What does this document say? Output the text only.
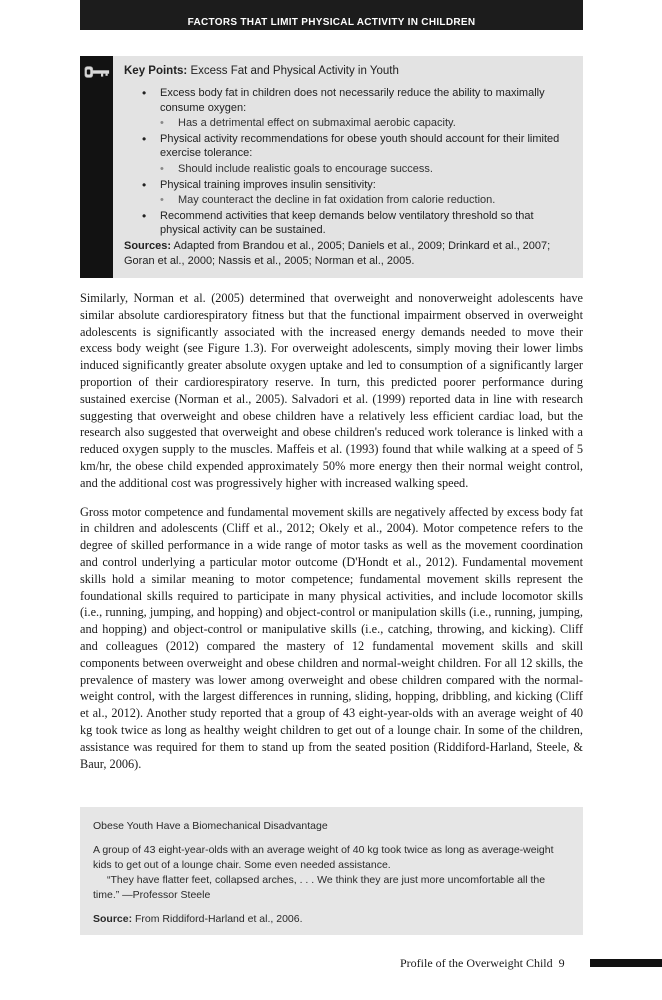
FACTORS THAT LIMIT PHYSICAL ACTIVITY IN CHILDREN

Key Points: Excess Fat and Physical Activity in Youth

• Excess body fat in children does not necessarily reduce the ability to maximally consume oxygen:
• Has a detrimental effect on submaximal aerobic capacity.
• Physical activity recommendations for obese youth should account for their limited exercise tolerance:
• Should include realistic goals to encourage success.
• Physical training improves insulin sensitivity:
• May counteract the decline in fat oxidation from calorie reduction.
• Recommend activities that keep demands below ventilatory threshold so that physical activity can be sustained.

Sources: Adapted from Brandou et al., 2005; Daniels et al., 2009; Drinkard et al., 2007; Goran et al., 2000; Nassis et al., 2005; Norman et al., 2005.

Similarly, Norman et al. (2005) determined that overweight and nonoverweight adolescents have similar absolute cardiorespiratory fitness but that the functional impairment observed in overweight adolescents is significantly associated with the increased energy demands needed to move their excess body weight (see Figure 1.3). For overweight adolescents, simply moving their lower limbs induced significantly greater absolute oxygen uptake and led to consumption of a significantly larger proportion of their cardiorespiratory reserve. In turn, this predicted poorer performance during sustained exercise (Norman et al., 2005). Salvadori et al. (1999) reported data in line with research suggesting that overweight and obese children have a relatively less efficient cardiac load, but the research also suggested that overweight and obese children's reduced work tolerance is linked with a reduced oxygen supply to the muscles. Maffeis et al. (1993) found that while walking at a speed of 5 km/hr, the obese child expended approximately 50% more energy then their normal weight control, and the additional cost was progressively higher with increased walking speed.

Gross motor competence and fundamental movement skills are negatively affected by excess body fat in children and adolescents (Cliff et al., 2012; Okely et al., 2004). Motor competence refers to the degree of skilled performance in a wide range of motor tasks as well as the movement coordination and control underlying a particular motor outcome (D'Hondt et al., 2012). Fundamental movement skills hold a similar meaning to motor competence; fundamental movement skills represent the foundational skills required to participate in many physical activities, and include locomotor skills (i.e., running, jumping, and hopping) and object-control or manipulation skills (i.e., running, jumping, and hopping) and object-control or manipulative skills (i.e., catching, throwing, and kicking). Cliff and colleagues (2012) compared the mastery of 12 fundamental movement skills and skill components between overweight and obese children and normal-weight children. For all 12 skills, the prevalence of mastery was lower among overweight and obese children compared with the normal-weight control, with the largest differences in running, sliding, hopping, dribbling, and kicking (Cliff et al., 2012). Another study reported that a group of 43 eight-year-olds with an average weight of 40 kg took twice as long as healthy weight children to get out of a lounge chair. In some of the children, assistance was required for them to stand up from the seated position (Riddiford-Harland, Steele, & Baur, 2006).

Obese Youth Have a Biomechanical Disadvantage

A group of 43 eight-year-olds with an average weight of 40 kg took twice as long as average-weight kids to get out of a lounge chair. Some even needed assistance.

“They have flatter feet, collapsed arches, . . . We think they are just more uncomfortable all the time.” —Professor Steele

Source: From Riddiford-Harland et al., 2006.

Profile of the Overweight Child 9
